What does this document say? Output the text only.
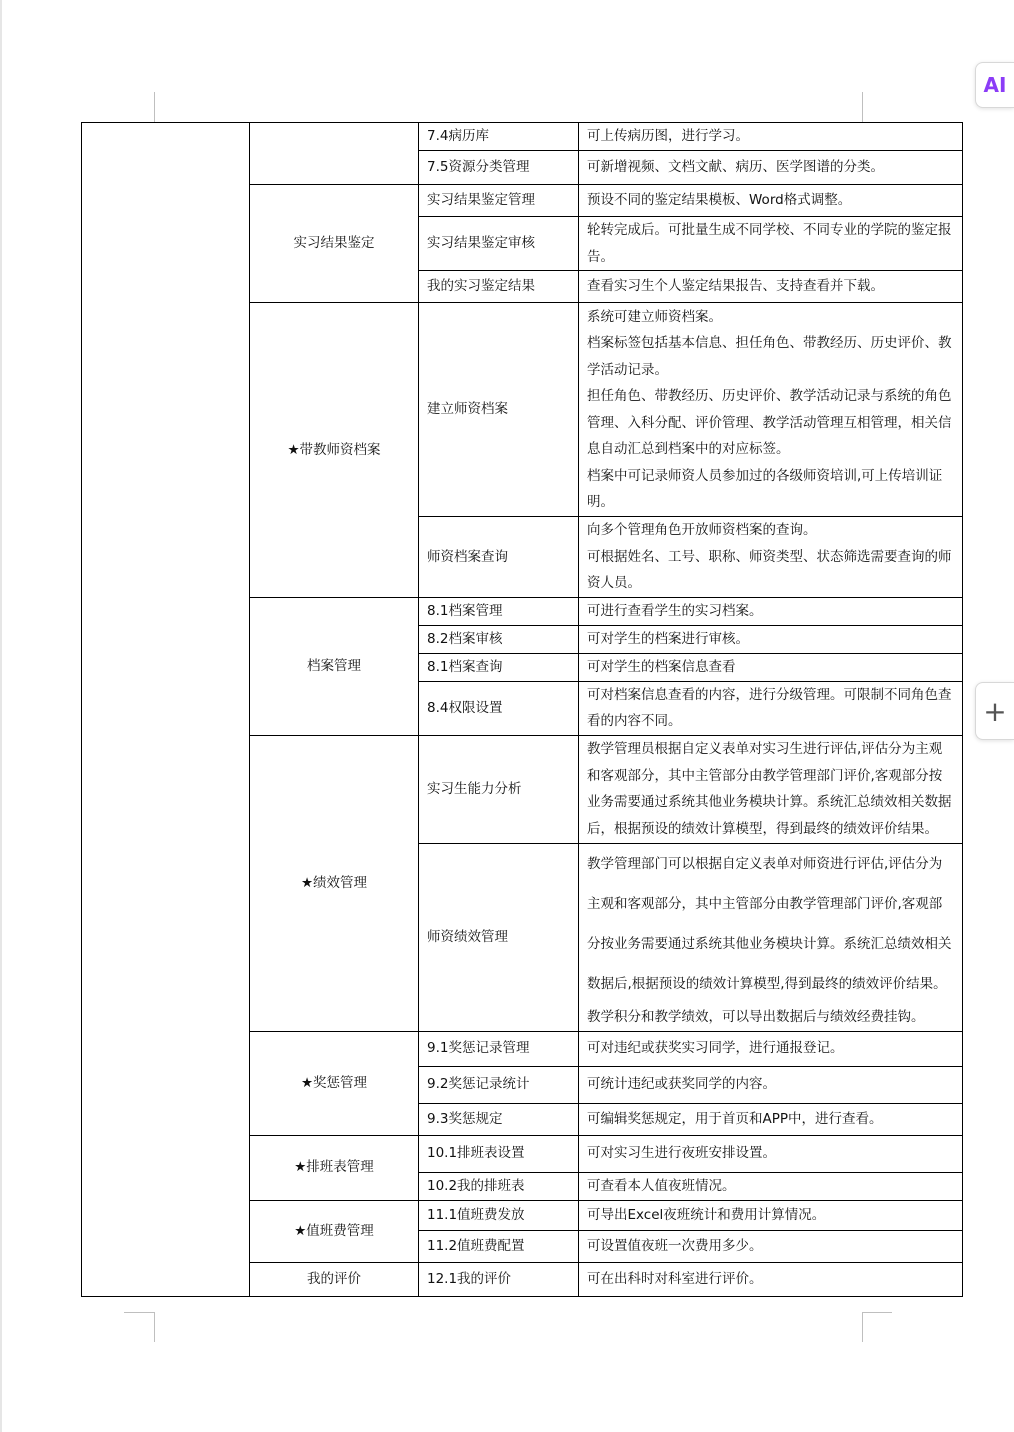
		7.4病历库	可上传病历图，进行学习。

		7.5资源分类管理	可新增视频、文档文献、病历、医学图谱的分类。

	实习结果鉴定	实习结果鉴定管理	预设不同的鉴定结果模板、Word格式调整。

		实习结果鉴定审核	轮转完成后。可批量生成不同学校、不同专业的学院的鉴定报告。

		我的实习鉴定结果	查看实习生个人鉴定结果报告、支持查看并下载。

	★带教师资档案	建立师资档案	系统可建立师资档案。
档案标签包括基本信息、担任角色、带教经历、历史评价、教学活动记录。
担任角色、带教经历、历史评价、教学活动记录与系统的角色管理、入科分配、评价管理、教学活动管理互相管理，相关信息自动汇总到档案中的对应标签。
档案中可记录师资人员参加过的各级师资培训,可上传培训证明。

		师资档案查询	向多个管理角色开放师资档案的查询。
可根据姓名、工号、职称、师资类型、状态筛选需要查询的师资人员。

	档案管理	8.1档案管理	可进行查看学生的实习档案。

		8.2档案审核	可对学生的档案进行审核。

		8.1档案查询	可对学生的档案信息查看

		8.4权限设置	可对档案信息查看的内容，进行分级管理。可限制不同角色查看的内容不同。

	★绩效管理	实习生能力分析	教学管理员根据自定义表单对实习生进行评估,评估分为主观和客观部分，其中主管部分由教学管理部门评价,客观部分按业务需要通过系统其他业务模块计算。系统汇总绩效相关数据后，根据预设的绩效计算模型，得到最终的绩效评价结果。

		师资绩效管理	教学管理部门可以根据自定义表单对师资进行评估,评估分为主观和客观部分，其中主管部分由教学管理部门评价,客观部分按业务需要通过系统其他业务模块计算。系统汇总绩效相关数据后,根据预设的绩效计算模型,得到最终的绩效评价结果。
教学积分和教学绩效，可以导出数据后与绩效经费挂钩。

	★奖惩管理	9.1奖惩记录管理	可对违纪或获奖实习同学，进行通报登记。

		9.2奖惩记录统计	可统计违纪或获奖同学的内容。

		9.3奖惩规定	可编辑奖惩规定，用于首页和APP中，进行查看。

	★排班表管理	10.1排班表设置	可对实习生进行夜班安排设置。

		10.2我的排班表	可查看本人值夜班情况。

	★值班费管理	11.1值班费发放	可导出Excel夜班统计和费用计算情况。

		11.2值班费配置	可设置值夜班一次费用多少。

	我的评价	12.1我的评价	可在出科时对科室进行评价。
AI
+
